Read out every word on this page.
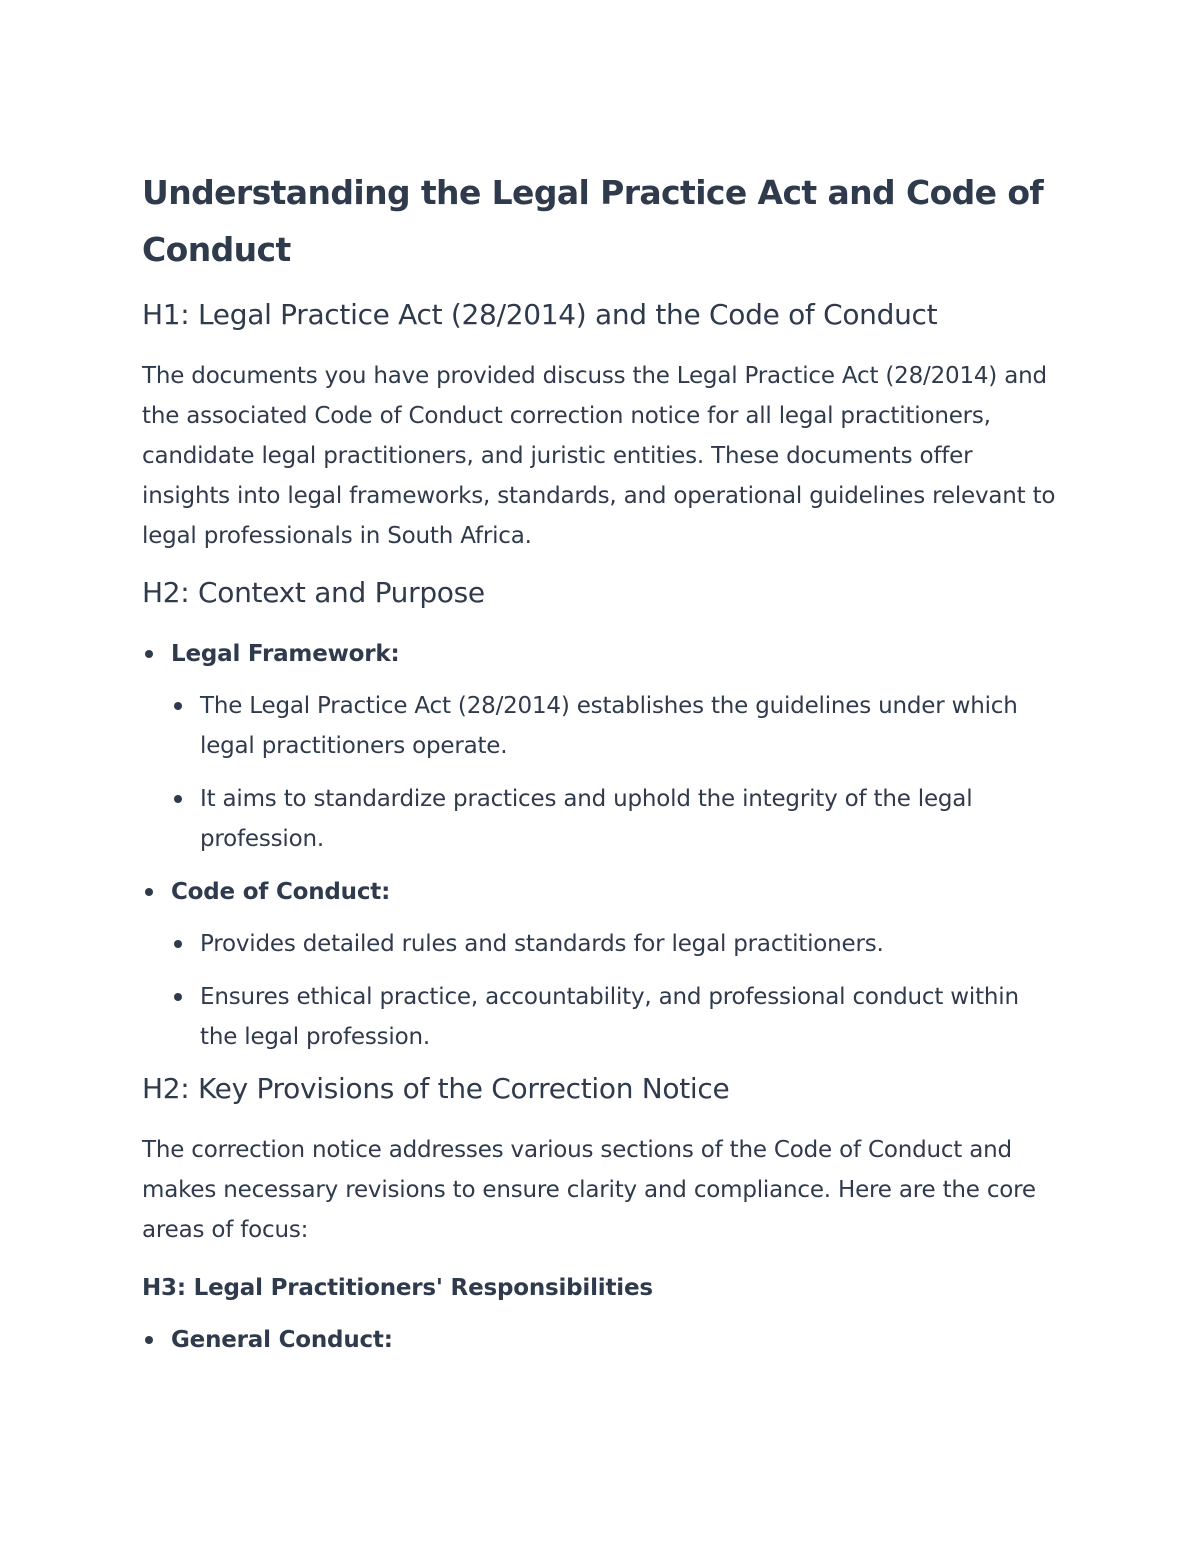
Understanding the Legal Practice Act and Code of Conduct
H1: Legal Practice Act (28/2014) and the Code of Conduct

The documents you have provided discuss the Legal Practice Act (28/2014) and the associated Code of Conduct correction notice for all legal practitioners, candidate legal practitioners, and juristic entities. These documents offer insights into legal frameworks, standards, and operational guidelines relevant to legal professionals in South Africa.

H2: Context and Purpose
Legal Framework:
The Legal Practice Act (28/2014) establishes the guidelines under which legal practitioners operate.
It aims to standardize practices and uphold the integrity of the legal profession.
Code of Conduct:
Provides detailed rules and standards for legal practitioners.
Ensures ethical practice, accountability, and professional conduct within the legal profession.
H2: Key Provisions of the Correction Notice

The correction notice addresses various sections of the Code of Conduct and makes necessary revisions to ensure clarity and compliance. Here are the core areas of focus:

H3: Legal Practitioners' Responsibilities
General Conduct:
